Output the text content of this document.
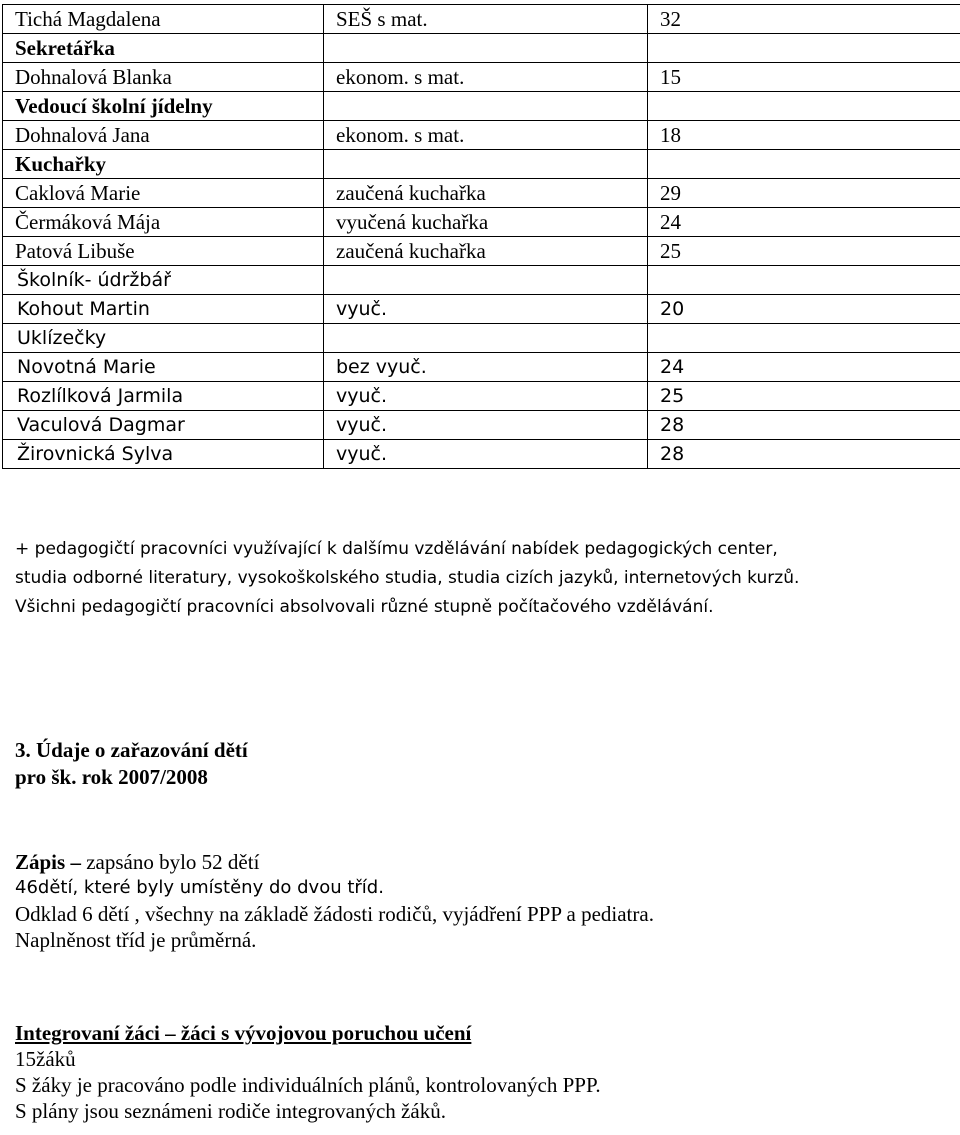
Tichá Magdalena	SEŠ s mat.	32
Sekretářka		
Dohnalová Blanka	ekonom. s mat.	15
Vedoucí školní jídelny		
Dohnalová Jana	ekonom. s mat.	18
Kuchařky		
Caklová Marie	zaučená kuchařka	29
Čermáková Mája	vyučená kuchařka	24
Patová Libuše	zaučená kuchařka	25
Školník- údržbář		
Kohout Martin	vyuč.	20
Uklízečky		
Novotná Marie	bez vyuč.	24
Rozlílková Jarmila	vyuč.	25
Vaculová Dagmar	vyuč.	28
Žirovnická Sylva	vyuč.	28

+ pedagogičtí pracovníci využívající k dalšímu vzdělávání nabídek pedagogických center,

studia odborné literatury, vysokoškolského studia, studia cizích jazyků, internetových kurzů.

Všichni pedagogičtí pracovníci absolvovali různé stupně počítačového vzdělávání.

3. Údaje o zařazování dětí
pro šk. rok 2007/2008
Zápis – zapsáno bylo 52 dětí
46dětí, které byly umístěny do dvou tříd.
Odklad 6 dětí , všechny na základě žádosti rodičů, vyjádření PPP a pediatra.
Naplněnost tříd je průměrná.
Integrovaní žáci – žáci s vývojovou poruchou učení
15žáků
S žáky je pracováno podle individuálních plánů, kontrolovaných PPP.
S plány jsou seznámeni rodiče integrovaných žáků.
